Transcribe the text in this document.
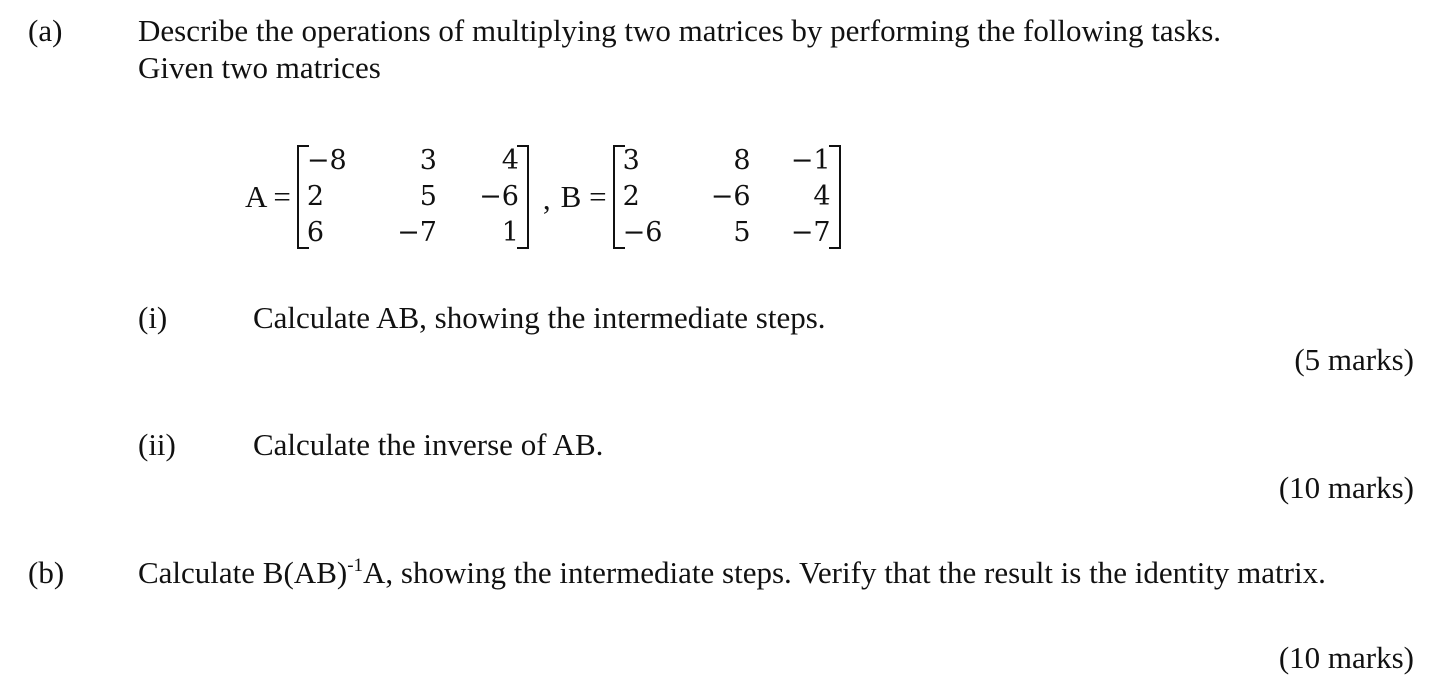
(a) Describe the operations of multiplying two matrices by performing the following tasks.
Given two matrices
A =
−8	3	4
2	5	−6
6	−7	1
, B =
3	8	−1
2	−6	4
−6	5	−7
(i)	Calculate AB, showing the intermediate steps.
(5 marks)
(ii) Calculate the inverse of AB.
(10 marks)
(b) Calculate B(AB)$^{-1}$A, showing the intermediate steps. Verify that the result is the identity matrix.
(10 marks)
